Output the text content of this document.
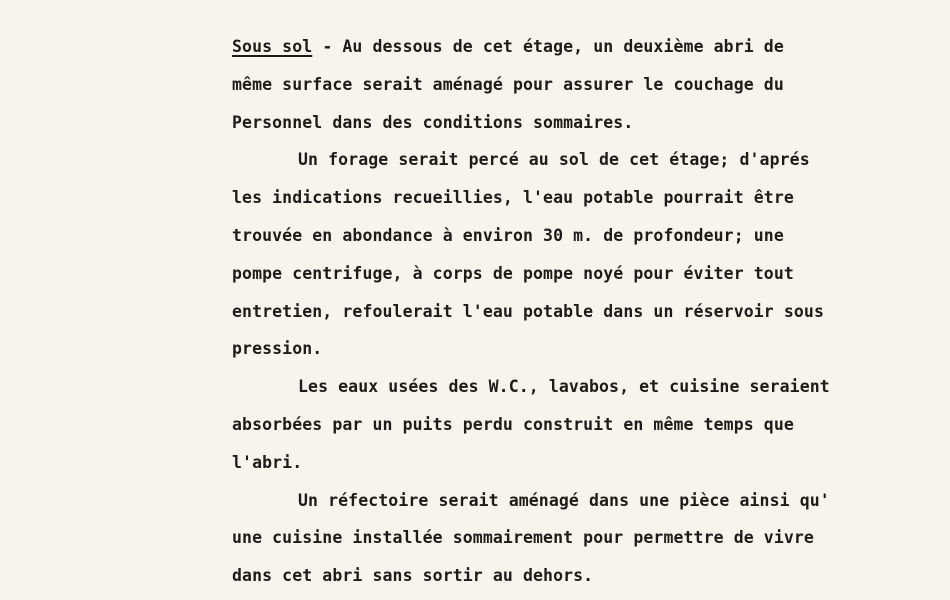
Sous sol - Au dessous de cet étage, un deuxième abri de
même surface serait aménagé pour assurer le couchage du
Personnel dans des conditions sommaires.
Un forage serait percé au sol de cet étage; d'aprés
les indications recueillies, l'eau potable pourrait être
trouvée en abondance à environ 30 m. de profondeur; une
pompe centrifuge, à corps de pompe noyé pour éviter tout
entretien, refoulerait l'eau potable dans un réservoir sous
pression.
Les eaux usées des W.C., lavabos, et cuisine seraient
absorbées par un puits perdu construit en même temps que
l'abri.
Un réfectoire serait aménagé dans une pièce ainsi qu'
une cuisine installée sommairement pour permettre de vivre
dans cet abri sans sortir au dehors.
